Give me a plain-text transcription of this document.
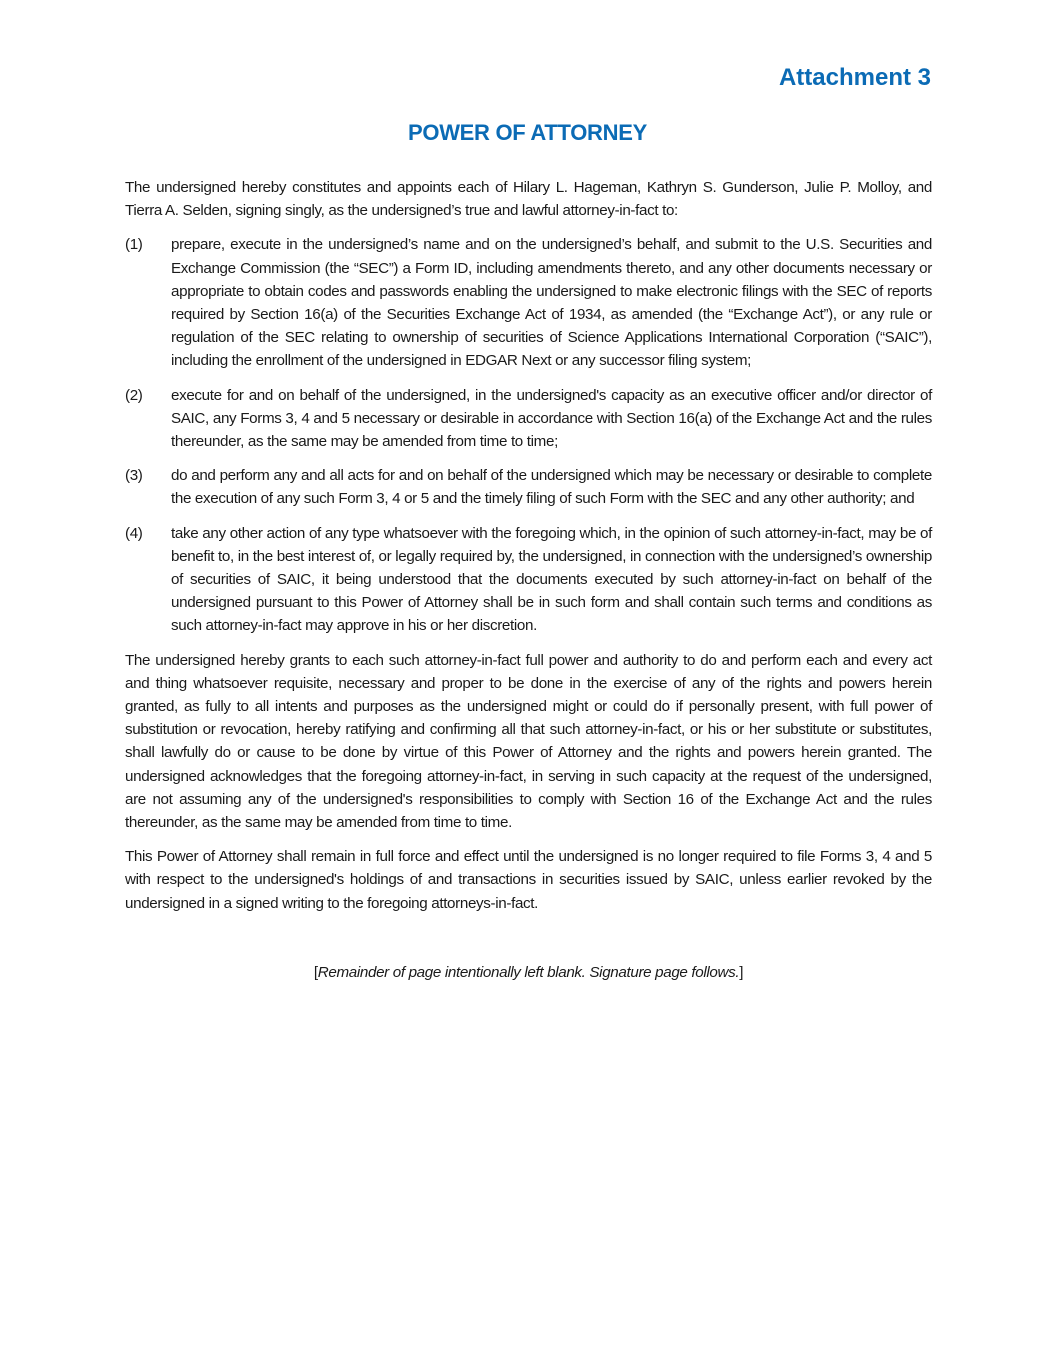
Attachment 3
POWER OF ATTORNEY

The undersigned hereby constitutes and appoints each of Hilary L. Hageman, Kathryn S. Gunderson, Julie P. Molloy, and Tierra A. Selden, signing singly, as the undersigned’s true and lawful attorney-in-fact to:

(1)	prepare, execute in the undersigned’s name and on the undersigned’s behalf, and submit to the U.S. Securities and Exchange Commission (the “SEC”) a Form ID, including amendments thereto, and any other documents necessary or appropriate to obtain codes and passwords enabling the undersigned to make electronic filings with the SEC of reports required by Section 16(a) of the Securities Exchange Act of 1934, as amended (the “Exchange Act”), or any rule or regulation of the SEC relating to ownership of securities of Science Applications International Corporation (“SAIC”), including the enrollment of the undersigned in EDGAR Next or any successor filing system;
(2)	execute for and on behalf of the undersigned, in the undersigned's capacity as an executive officer and/or director of SAIC, any Forms 3, 4 and 5 necessary or desirable in accordance with Section 16(a) of the Exchange Act and the rules thereunder, as the same may be amended from time to time;
(3)	do and perform any and all acts for and on behalf of the undersigned which may be necessary or desirable to complete the execution of any such Form 3, 4 or 5 and the timely filing of such Form with the SEC and any other authority; and
(4)	take any other action of any type whatsoever with the foregoing which, in the opinion of such attorney-in-fact, may be of benefit to, in the best interest of, or legally required by, the undersigned, in connection with the undersigned’s ownership of securities of SAIC, it being understood that the documents executed by such attorney-in-fact on behalf of the undersigned pursuant to this Power of Attorney shall be in such form and shall contain such terms and conditions as such attorney-in-fact may approve in his or her discretion.

The undersigned hereby grants to each such attorney-in-fact full power and authority to do and perform each and every act and thing whatsoever requisite, necessary and proper to be done in the exercise of any of the rights and powers herein granted, as fully to all intents and purposes as the undersigned might or could do if personally present, with full power of substitution or revocation, hereby ratifying and confirming all that such attorney-in-fact, or his or her substitute or substitutes, shall lawfully do or cause to be done by virtue of this Power of Attorney and the rights and powers herein granted. The undersigned acknowledges that the foregoing attorney-in-fact, in serving in such capacity at the request of the undersigned, are not assuming any of the undersigned's responsibilities to comply with Section 16 of the Exchange Act and the rules thereunder, as the same may be amended from time to time.

This Power of Attorney shall remain in full force and effect until the undersigned is no longer required to file Forms 3, 4 and 5 with respect to the undersigned's holdings of and transactions in securities issued by SAIC, unless earlier revoked by the undersigned in a signed writing to the foregoing attorneys-in-fact.

[Remainder of page intentionally left blank. Signature page follows.]
